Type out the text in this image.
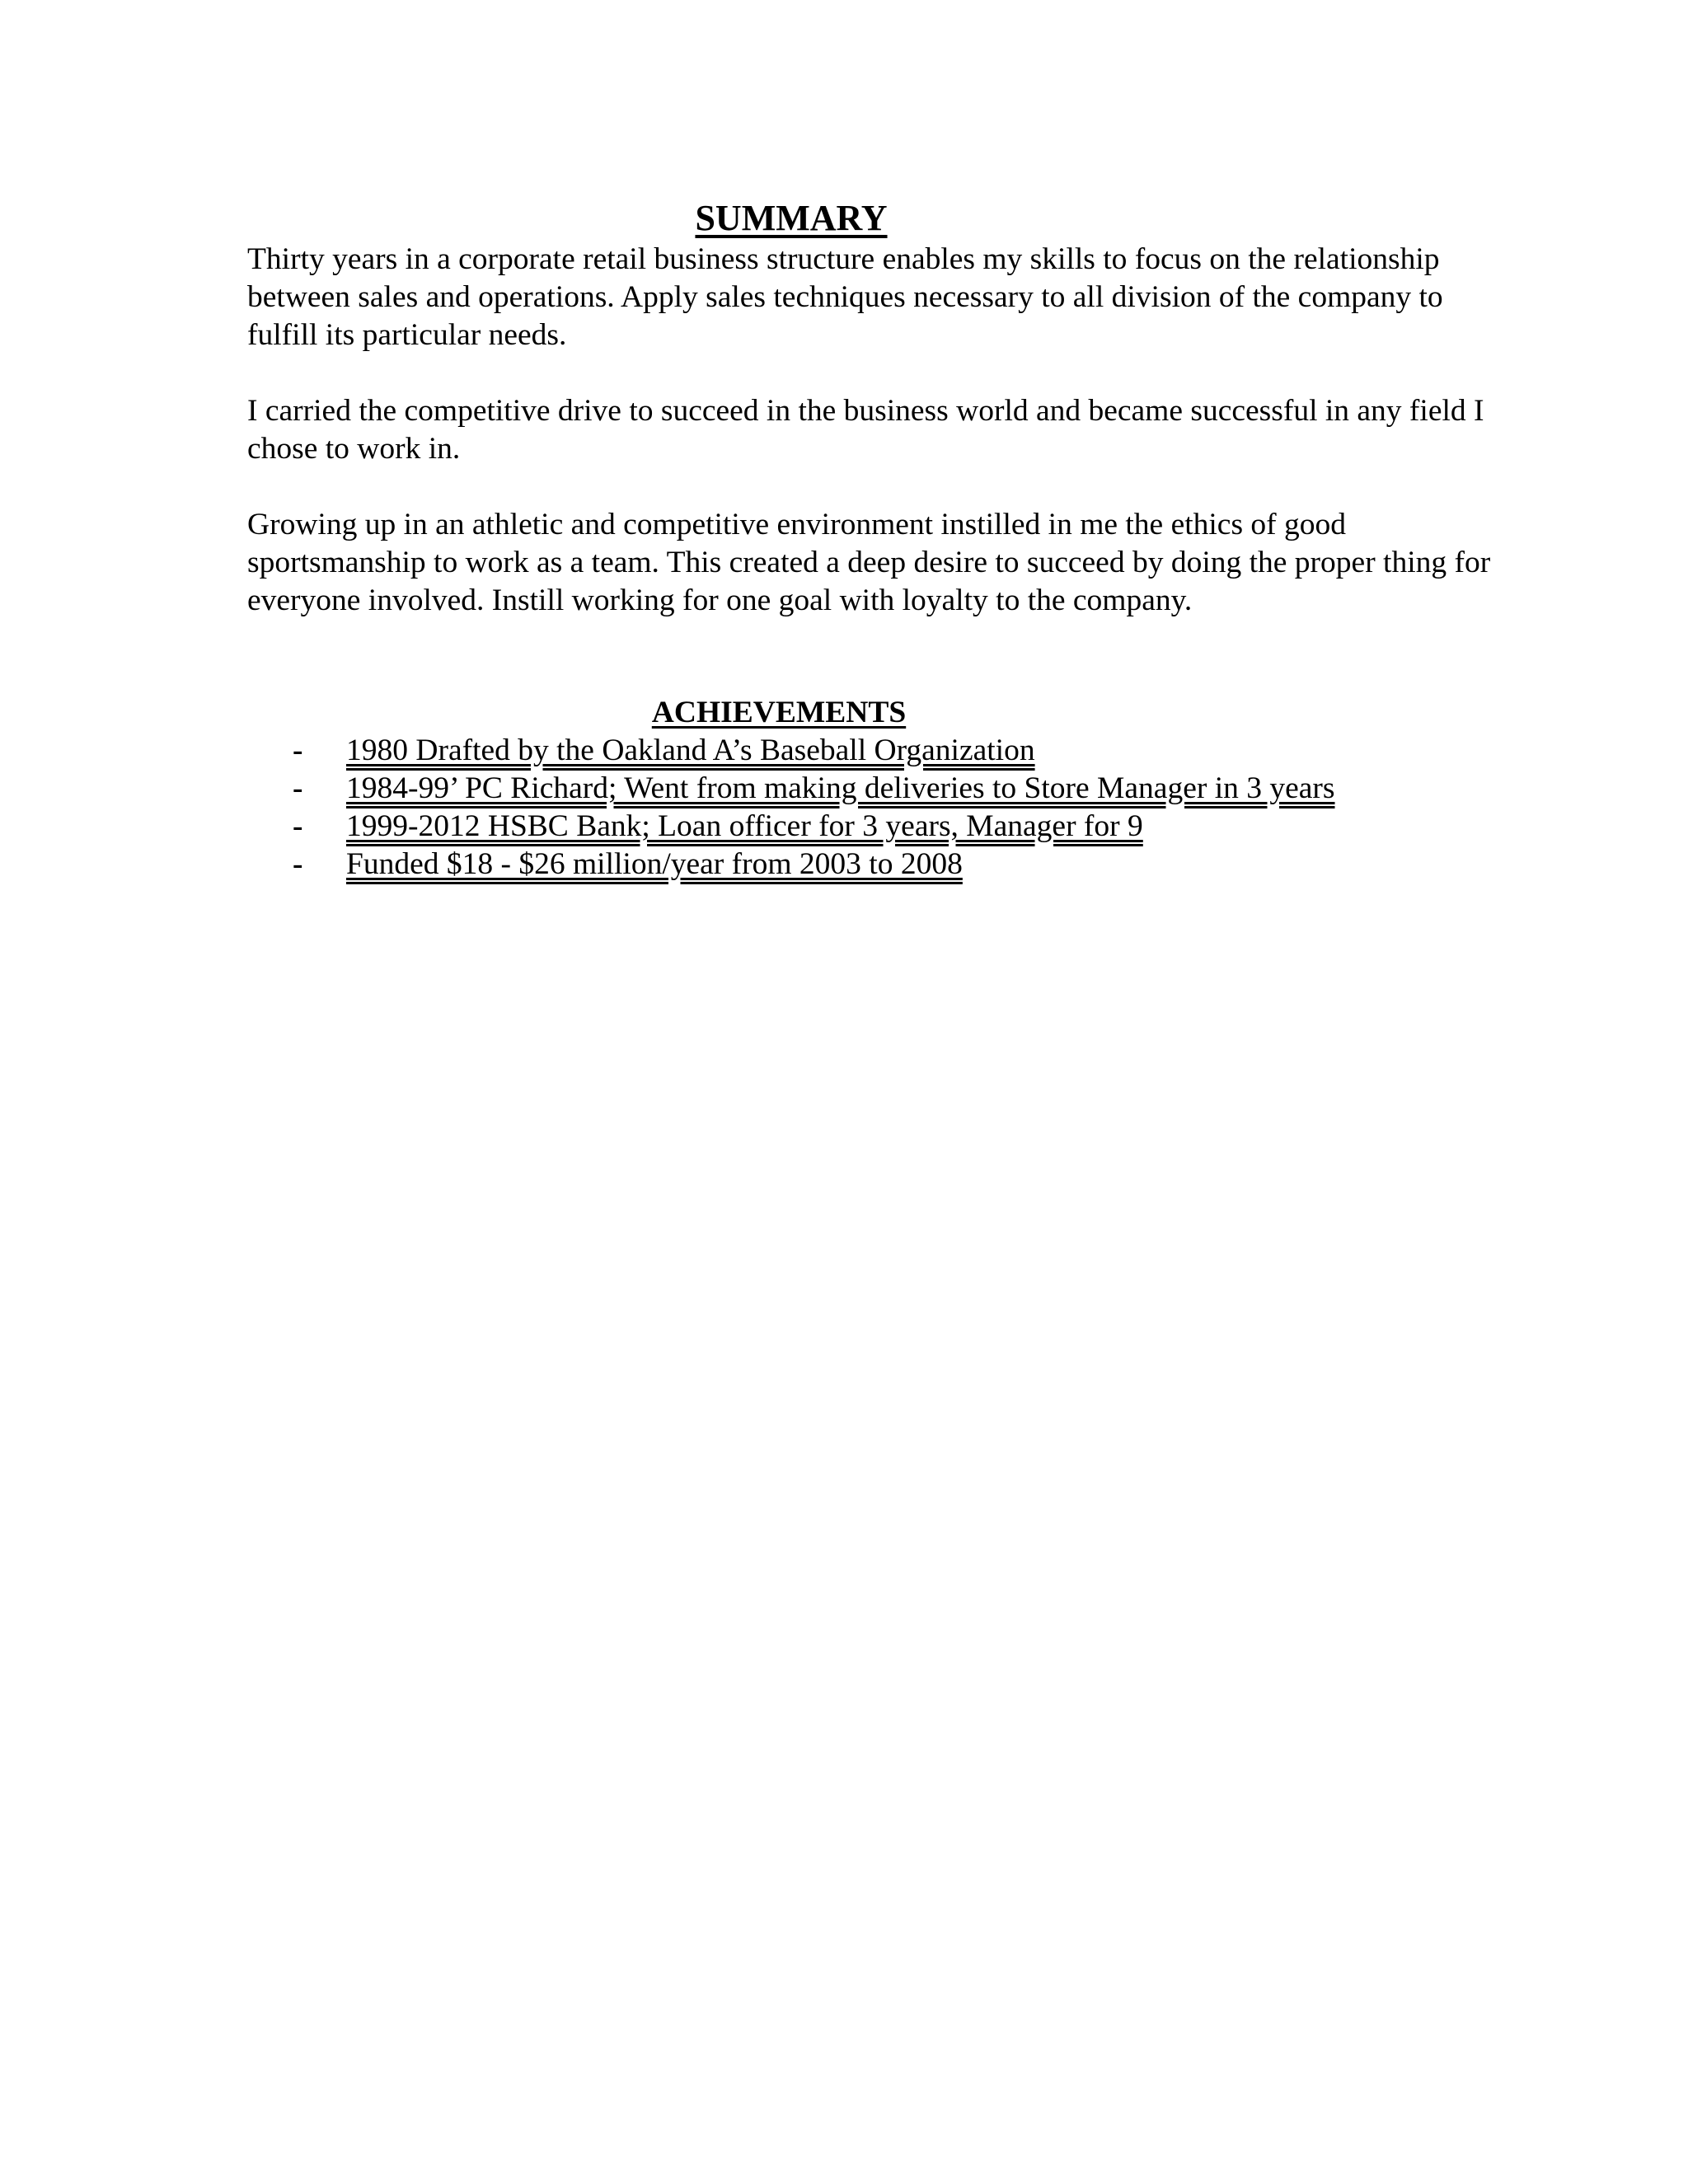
SUMMARY

Thirty years in a corporate retail business structure enables my skills to focus on the relationship between sales and operations. Apply sales techniques necessary to all division of the company to fulfill its particular needs.

I carried the competitive drive to succeed in the business world and became successful in any field I chose to work in.

Growing up in an athletic and competitive environment instilled in me the ethics of good sportsmanship to work as a team. This created a deep desire to succeed by doing the proper thing for everyone involved. Instill working for one goal with loyalty to the company.

ACHIEVEMENTS
- 1980 Drafted by the Oakland A’s Baseball Organization
- 1984-99’ PC Richard; Went from making deliveries to Store Manager in 3 years
- 1999-2012 HSBC Bank; Loan officer for 3 years, Manager for 9
- Funded $18 - $26 million/year from 2003 to 2008
